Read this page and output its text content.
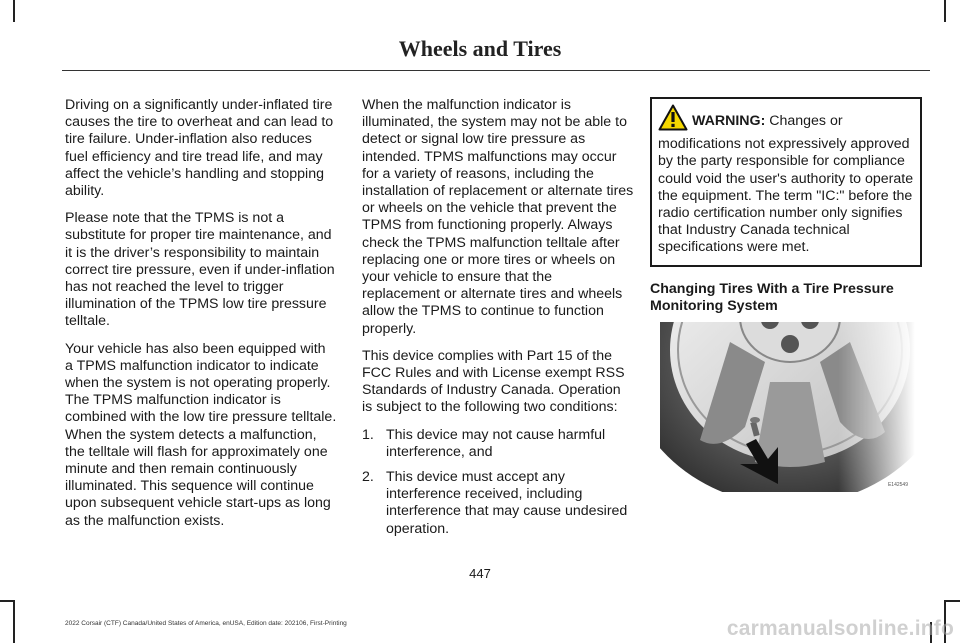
Wheels and Tires

Driving on a significantly under-inflated tire causes the tire to overheat and can lead to tire failure. Under-inflation also reduces fuel efficiency and tire tread life, and may affect the vehicle’s handling and stopping ability.

Please note that the TPMS is not a substitute for proper tire maintenance, and it is the driver’s responsibility to maintain correct tire pressure, even if under-inflation has not reached the level to trigger illumination of the TPMS low tire pressure telltale.

Your vehicle has also been equipped with a TPMS malfunction indicator to indicate when the system is not operating properly. The TPMS malfunction indicator is combined with the low tire pressure telltale. When the system detects a malfunction, the telltale will flash for approximately one minute and then remain continuously illuminated. This sequence will continue upon subsequent vehicle start-ups as long as the malfunction exists.

When the malfunction indicator is illuminated, the system may not be able to detect or signal low tire pressure as intended. TPMS malfunctions may occur for a variety of reasons, including the installation of replacement or alternate tires or wheels on the vehicle that prevent the TPMS from functioning properly. Always check the TPMS malfunction telltale after replacing one or more tires or wheels on your vehicle to ensure that the replacement or alternate tires and wheels allow the TPMS to continue to function properly.

This device complies with Part 15 of the FCC Rules and with License exempt RSS Standards of Industry Canada. Operation is subject to the following two conditions:

1. This device may not cause harmful interference, and
2. This device must accept any interference received, including interference that may cause undesired operation.
WARNING: Changes or modifications not expressively approved by the party responsible for compliance could void the user's authority to operate the equipment. The term "IC:" before the radio certification number only signifies that Industry Canada technical specifications were met.
Changing Tires With a Tire Pressure Monitoring System
E142549
447
2022 Corsair (CTF) Canada/United States of America, enUSA, Edition date: 202106, First-Printing	carmanualsonline.info
